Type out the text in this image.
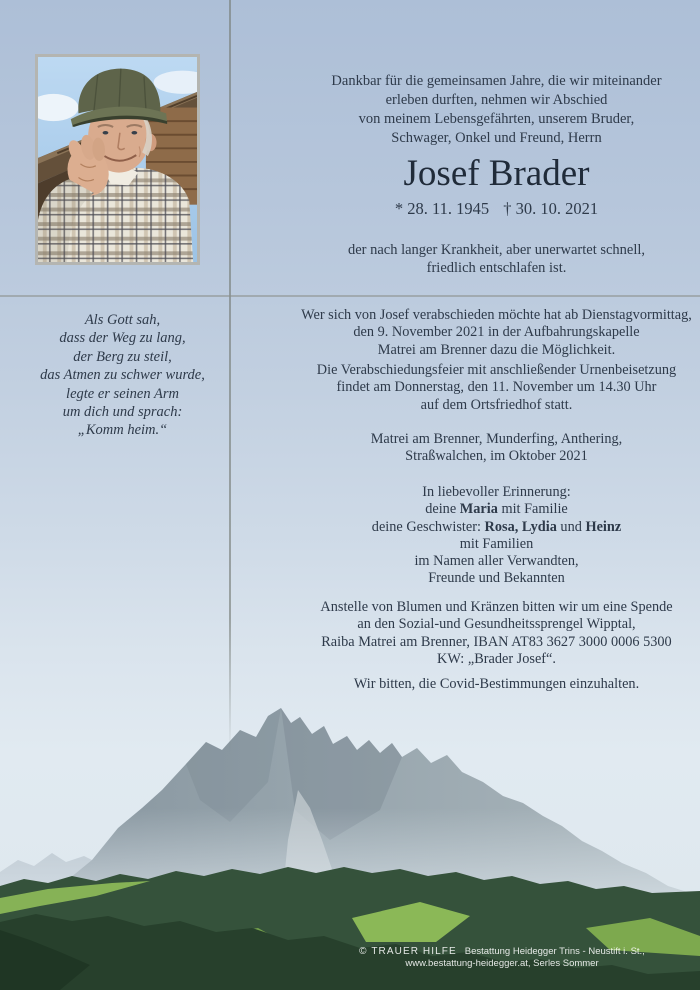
Dankbar für die gemeinsamen Jahre, die wir miteinander
erleben durften, nehmen wir Abschied
von meinem Lebensgefährten, unserem Bruder,
Schwager, Onkel und Freund, Herrn
Josef Brader
* 28. 11. 1945 † 30. 10. 2021
der nach langer Krankheit, aber unerwartet schnell,
friedlich entschlafen ist.
Als Gott sah,
dass der Weg zu lang,
der Berg zu steil,
das Atmen zu schwer wurde,
legte er seinen Arm
um dich und sprach:
„Komm heim.“
Wer sich von Josef verabschieden möchte hat ab Dienstagvormittag,
den 9. November 2021 in der Aufbahrungskapelle
Matrei am Brenner dazu die Möglichkeit.
Die Verabschiedungsfeier mit anschließender Urnenbeisetzung
findet am Donnerstag, den 11. November um 14.30 Uhr
auf dem Ortsfriedhof statt.
Matrei am Brenner, Munderfing, Anthering,
Straßwalchen, im Oktober 2021
In liebevoller Erinnerung:
deine Maria mit Familie
deine Geschwister: Rosa, Lydia und Heinz
mit Familien
im Namen aller Verwandten,
Freunde und Bekannten
Anstelle von Blumen und Kränzen bitten wir um eine Spende
an den Sozial-und Gesundheitssprengel Wipptal,
Raiba Matrei am Brenner, IBAN AT83 3627 3000 0006 5300
KW: „Brader Josef“.
Wir bitten, die Covid-Bestimmungen einzuhalten.
© TRAUER HILFE Bestattung Heidegger Trins - Neustift i. St.,
www.bestattung-heidegger.at, Serles Sommer
